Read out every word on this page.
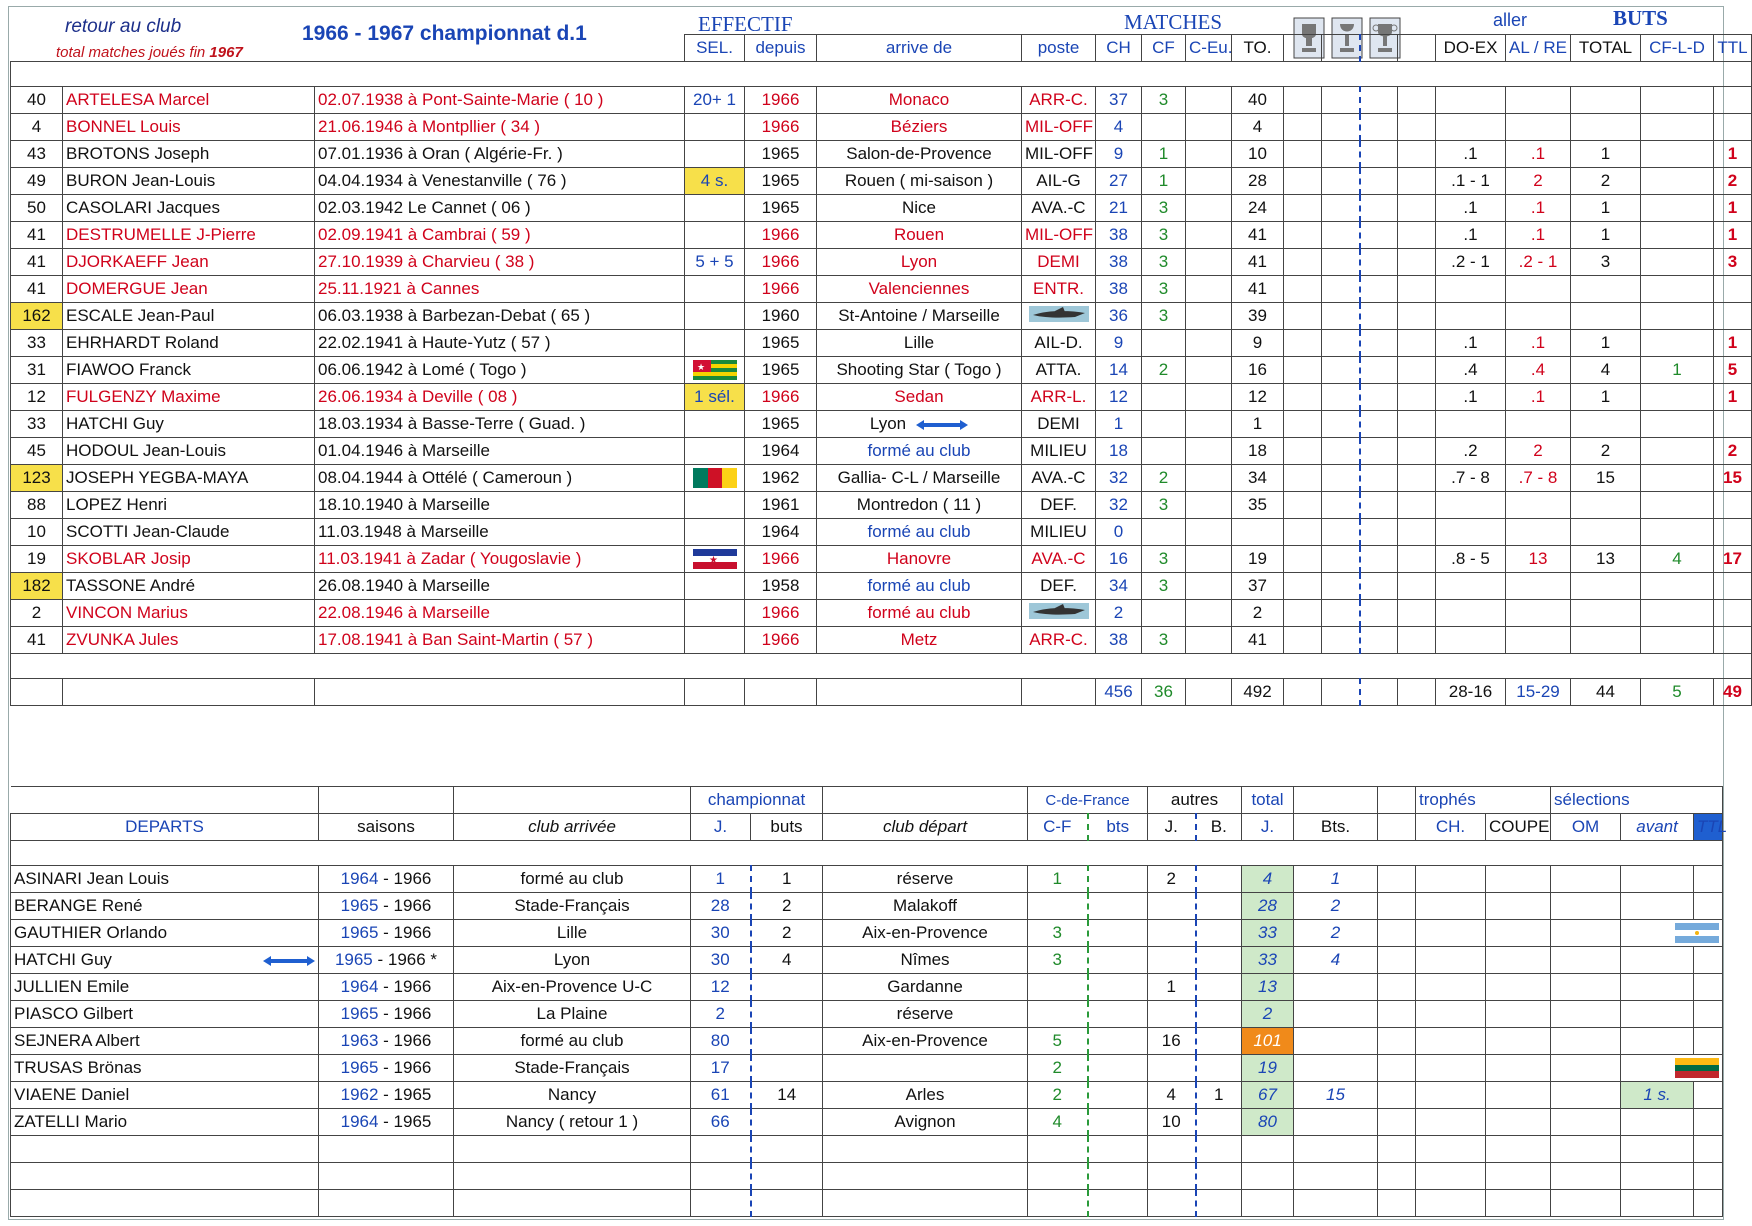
retour au club
total matches joués fin 1967
1966 - 1967 championnat d.1	EFFECTIF	MATCHES	aller	BUTS
			SEL.	depuis	arrive de	poste	CH	CF	C-Eu.	TO.					DO-EX	AL / RE	TOTAL	CF-L-D	TTL

40	ARTELESA Marcel	02.07.1938 à Pont-Sainte-Marie ( 10 )	20+ 1	1966	Monaco	ARR-C.	37	3		40									
4	BONNEL Louis	21.06.1946 à Montpllier ( 34 )		1966	Béziers	MIL-OFF	4			4									
43	BROTONS Joseph	07.01.1936 à Oran ( Algérie-Fr. )		1965	Salon-de-Provence	MIL-OFF	9	1		10					.1	.1	1		1
49	BURON Jean-Louis	04.04.1934 à Venestanville ( 76 )	4 s.	1965	Rouen ( mi-saison )	AIL-G	27	1		28					.1 - 1	2	2		2
50	CASOLARI Jacques	02.03.1942 Le Cannet ( 06 )		1965	Nice	AVA.-C	21	3		24					.1	.1	1		1
41	DESTRUMELLE J-Pierre	02.09.1941 à Cambrai ( 59 )		1966	Rouen	MIL-OFF	38	3		41					.1	.1	1		1
41	DJORKAEFF Jean	27.10.1939 à Charvieu ( 38 )	5 + 5	1966	Lyon	DEMI	38	3		41					.2 - 1	.2 - 1	3		3
41	DOMERGUE Jean	25.11.1921 à Cannes		1966	Valenciennes	ENTR.	38	3		41									
162	ESCALE Jean-Paul	06.03.1938 à Barbezan-Debat ( 65 )		1960	St-Antoine / Marseille		36	3		39									
33	EHRHARDT Roland	22.02.1941 à Haute-Yutz ( 57 )		1965	Lille	AIL-D.	9			9					.1	.1	1		1
31	FIAWOO Franck	06.06.1942 à Lomé ( Togo )	★	1965	Shooting Star ( Togo )	ATTA.	14	2		16					.4	.4	4	1	5
12	FULGENZY Maxime	26.06.1934 à Deville ( 08 )	1 sél.	1966	Sedan	ARR-L.	12			12					.1	.1	1		1
33	HATCHI Guy	18.03.1934 à Basse-Terre ( Guad. )		1965	Lyon	DEMI	1			1									
45	HODOUL Jean-Louis	01.04.1946 à Marseille		1964	formé au club	MILIEU	18			18					.2	2	2		2
123	JOSEPH YEGBA-MAYA	08.04.1944 à Ottélé ( Cameroun )		1962	Gallia- C-L / Marseille	AVA.-C	32	2		34					.7 - 8	.7 - 8	15		15
88	LOPEZ Henri	18.10.1940 à Marseille		1961	Montredon ( 11 )	DEF.	32	3		35									
10	SCOTTI Jean-Claude	11.03.1948 à Marseille		1964	formé au club	MILIEU	0												
19	SKOBLAR Josip	11.03.1941 à Zadar ( Yougoslavie )	★	1966	Hanovre	AVA.-C	16	3		19					.8 - 5	13	13	4	17
182	TASSONE André	26.08.1940 à Marseille		1958	formé au club	DEF.	34	3		37									
2	VINCON Marius	22.08.1946 à Marseille		1966	formé au club		2			2									
41	ZVUNKA Jules	17.08.1941 à Ban Saint-Martin ( 57 )		1966	Metz	ARR-C.	38	3		41									

							456	36		492					28-16	15-29	44	5	49
			championnat			C-de-France		autres		total			trophés		sélections		
DEPARTS	saisons	club arrivée	J.	buts	club départ	C-F	bts	J.	B.	J.	Bts.		CH.	COUPE	OM	avant	TTL

ASINARI Jean Louis	1964 - 1966	formé au club	1	1	réserve	1		2		4	1						
BERANGE René	1965 - 1966	Stade-Français	28	2	Malakoff					28	2						
GAUTHIER Orlando	1965 - 1966	Lille	30	2	Aix-en-Provence	3				33	2					
HATCHI Guy	1965 - 1966 *	Lyon	30	4	Nîmes	3				33	4						
JULLIEN Emile	1964 - 1966	Aix-en-Provence U-C	12		Gardanne			1		13							
PIASCO Gilbert	1965 - 1966	La Plaine	2		réserve					2							
SEJNERA Albert	1963 - 1966	formé au club	80		Aix-en-Provence	5		16		101							
TRUSAS Brönas	1965 - 1966	Stade-Français	17			2				19						
VIAENE Daniel	1962 - 1965	Nancy	61	14	Arles	2		4	1	67	15					1 s.	
ZATELLI Mario	1964 - 1965	Nancy ( retour 1 )	66		Avignon	4		10		80							
